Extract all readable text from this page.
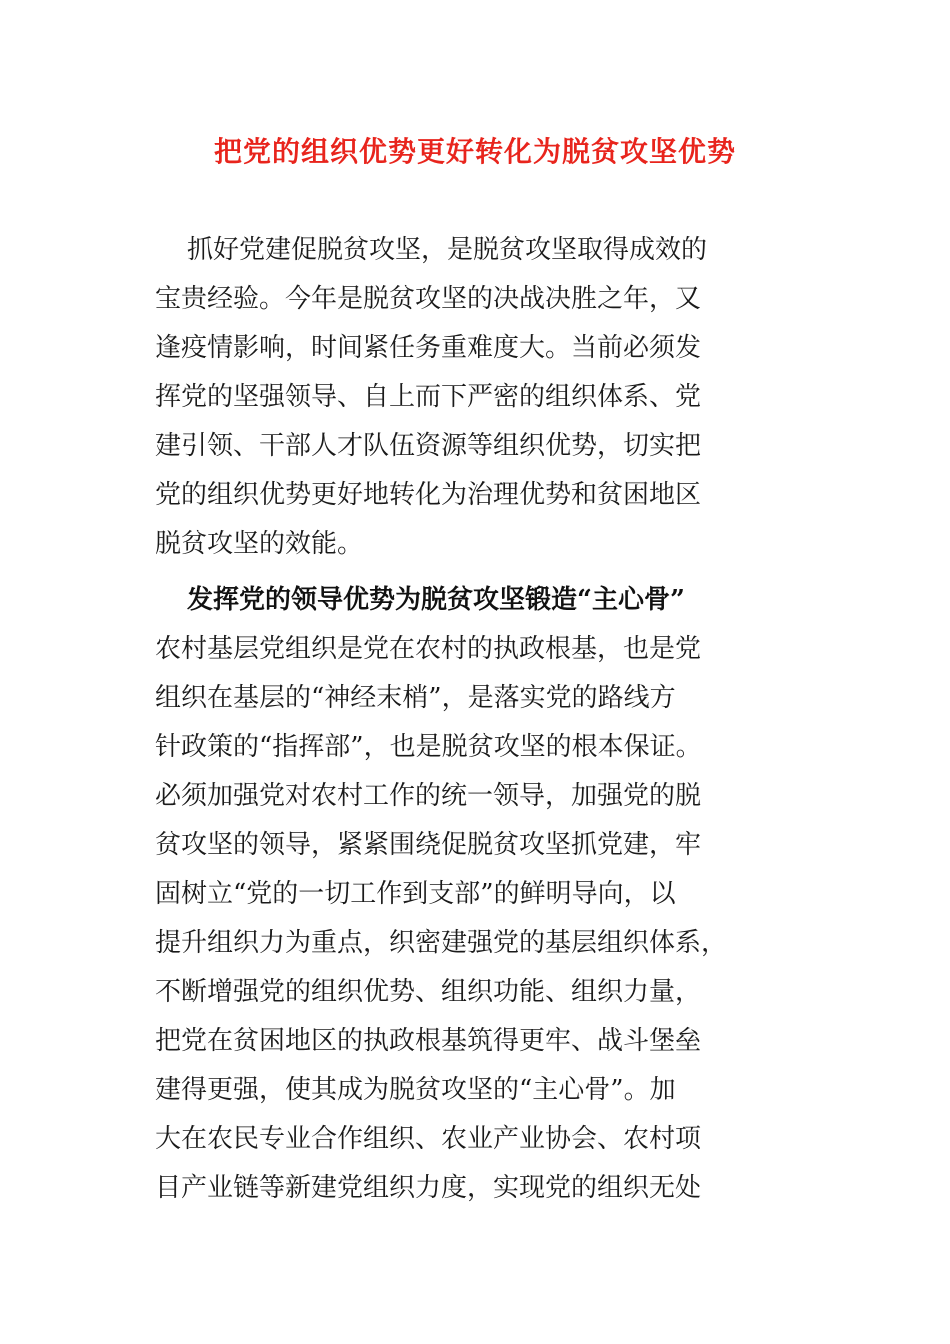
把党的组织优势更好转化为脱贫攻坚优势
抓好党建促脱贫攻坚，是脱贫攻坚取得成效的
宝贵经验。今年是脱贫攻坚的决战决胜之年，又
逢疫情影响，时间紧任务重难度大。当前必须发
挥党的坚强领导、自上而下严密的组织体系、党
建引领、干部人才队伍资源等组织优势，切实把
党的组织优势更好地转化为治理优势和贫困地区
脱贫攻坚的效能。
发挥党的领导优势为脱贫攻坚锻造“主心骨”
农村基层党组织是党在农村的执政根基，也是党
组织在基层的“神经末梢”，是落实党的路线方
针政策的“指挥部”，也是脱贫攻坚的根本保证。
必须加强党对农村工作的统一领导，加强党的脱
贫攻坚的领导，紧紧围绕促脱贫攻坚抓党建，牢
固树立“党的一切工作到支部”的鲜明导向，以
提升组织力为重点，织密建强党的基层组织体系，
不断增强党的组织优势、组织功能、组织力量，
把党在贫困地区的执政根基筑得更牢、战斗堡垒
建得更强，使其成为脱贫攻坚的“主心骨”。加
大在农民专业合作组织、农业产业协会、农村项
目产业链等新建党组织力度，实现党的组织无处
